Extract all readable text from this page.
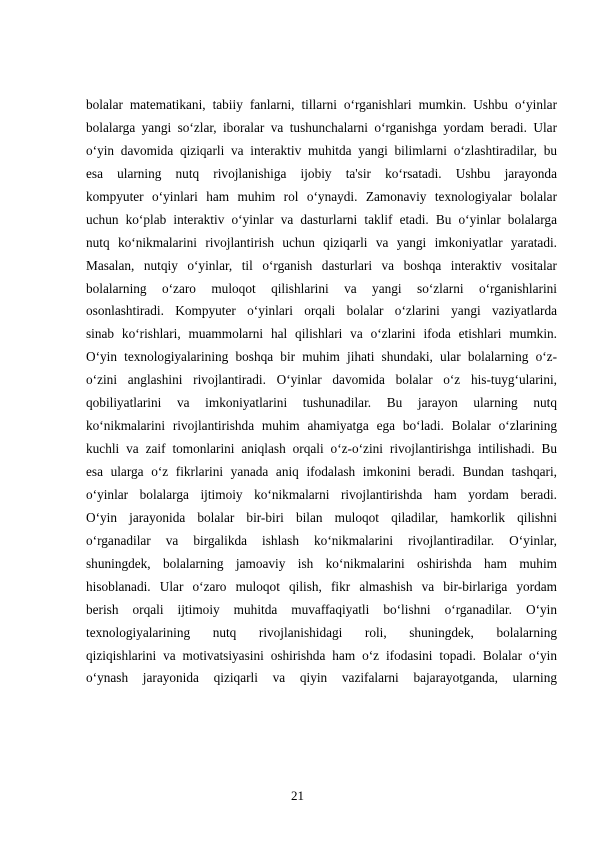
bolalar matematikani, tabiiy fanlarni, tillarni o‘rganishlari mumkin. Ushbu o‘yinlar
bolalarga yangi so‘zlar, iboralar va tushunchalarni o‘rganishga yordam beradi. Ular
o‘yin davomida qiziqarli va interaktiv muhitda yangi bilimlarni o‘zlashtiradilar, bu
esa ularning nutq rivojlanishiga ijobiy ta'sir ko‘rsatadi. Ushbu jarayonda
kompyuter o‘yinlari ham muhim rol o‘ynaydi. Zamonaviy texnologiyalar bolalar
uchun ko‘plab interaktiv o‘yinlar va dasturlarni taklif etadi. Bu o‘yinlar bolalarga
nutq ko‘nikmalarini rivojlantirish uchun qiziqarli va yangi imkoniyatlar yaratadi.
Masalan, nutqiy o‘yinlar, til o‘rganish dasturlari va boshqa interaktiv vositalar
bolalarning o‘zaro muloqot qilishlarini va yangi so‘zlarni o‘rganishlarini
osonlashtiradi. Kompyuter o‘yinlari orqali bolalar o‘zlarini yangi vaziyatlarda
sinab ko‘rishlari, muammolarni hal qilishlari va o‘zlarini ifoda etishlari mumkin.
O‘yin texnologiyalarining boshqa bir muhim jihati shundaki, ular bolalarning o‘z-
o‘zini anglashini rivojlantiradi. O‘yinlar davomida bolalar o‘z his-tuyg‘ularini,
qobiliyatlarini va imkoniyatlarini tushunadilar. Bu jarayon ularning nutq
ko‘nikmalarini rivojlantirishda muhim ahamiyatga ega bo‘ladi. Bolalar o‘zlarining
kuchli va zaif tomonlarini aniqlash orqali o‘z-o‘zini rivojlantirishga intilishadi. Bu
esa ularga o‘z fikrlarini yanada aniq ifodalash imkonini beradi. Bundan tashqari,
o‘yinlar bolalarga ijtimoiy ko‘nikmalarni rivojlantirishda ham yordam beradi.
O‘yin jarayonida bolalar bir-biri bilan muloqot qiladilar, hamkorlik qilishni
o‘rganadilar va birgalikda ishlash ko‘nikmalarini rivojlantiradilar. O‘yinlar,
shuningdek, bolalarning jamoaviy ish ko‘nikmalarini oshirishda ham muhim
hisoblanadi. Ular o‘zaro muloqot qilish, fikr almashish va bir-birlariga yordam
berish orqali ijtimoiy muhitda muvaffaqiyatli bo‘lishni o‘rganadilar. O‘yin
texnologiyalarining nutq rivojlanishidagi roli, shuningdek, bolalarning
qiziqishlarini va motivatsiyasini oshirishda ham o‘z ifodasini topadi. Bolalar o‘yin
o‘ynash jarayonida qiziqarli va qiyin vazifalarni bajarayotganda, ularning
21
